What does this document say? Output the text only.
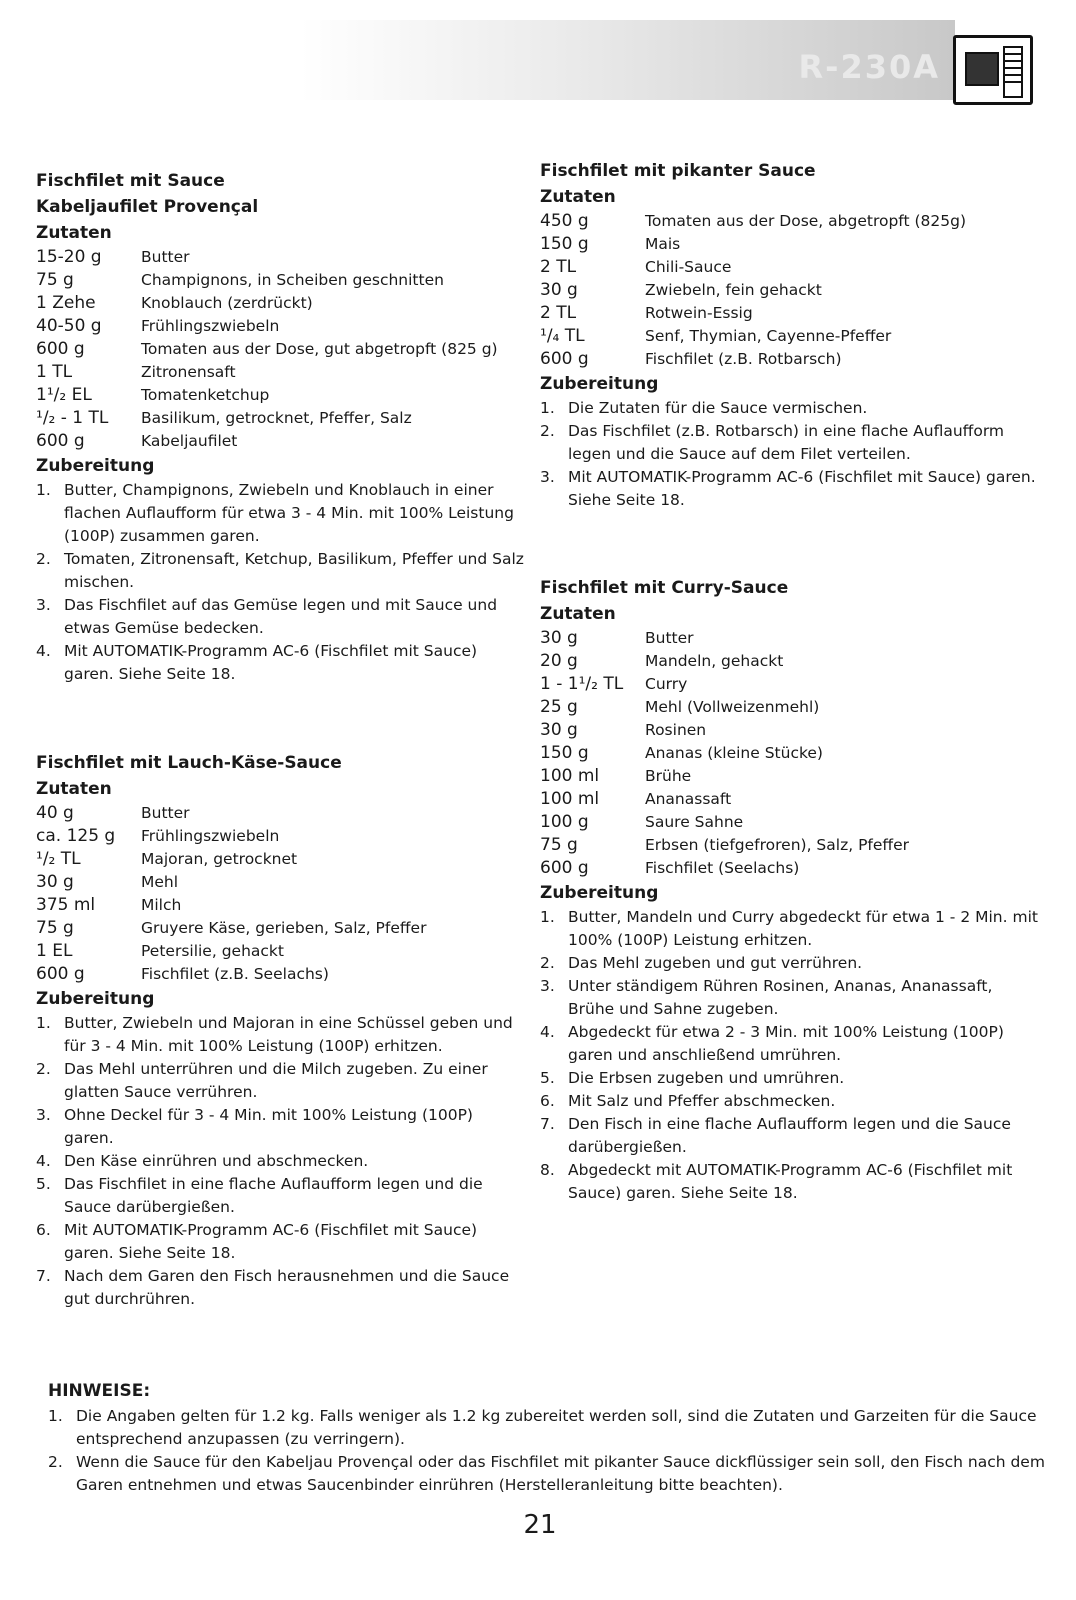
R-230A
Fischfilet mit Sauce
Kabeljaufilet Provençal
Zutaten
15-20 g	Butter
75 g	Champignons, in Scheiben geschnitten
1 Zehe	Knoblauch (zerdrückt)
40-50 g	Frühlingszwiebeln
600 g	Tomaten aus der Dose, gut abgetropft (825 g)
1 TL	Zitronensaft
1¹/₂ EL	Tomatenketchup
¹/₂ - 1 TL	Basilikum, getrocknet, Pfeffer, Salz
600 g	Kabeljaufilet
Zubereitung
1. Butter, Champignons, Zwiebeln und Knoblauch in einer flachen Auflaufform für etwa 3 - 4 Min. mit 100% Leistung (100P) zusammen garen.
2. Tomaten, Zitronensaft, Ketchup, Basilikum, Pfeffer und Salz mischen.
3. Das Fischfilet auf das Gemüse legen und mit Sauce und etwas Gemüse bedecken.
4. Mit AUTOMATIK-Programm AC-6 (Fischfilet mit Sauce) garen. Siehe Seite 18.
Fischfilet mit Lauch-Käse-Sauce
Zutaten
40 g	Butter
ca. 125 g	Frühlingszwiebeln
¹/₂ TL	Majoran, getrocknet
30 g	Mehl
375 ml	Milch
75 g	Gruyere Käse, gerieben, Salz, Pfeffer
1 EL	Petersilie, gehackt
600 g	Fischfilet (z.B. Seelachs)
Zubereitung
1. Butter, Zwiebeln und Majoran in eine Schüssel geben und für 3 - 4 Min. mit 100% Leistung (100P) erhitzen.
2. Das Mehl unterrühren und die Milch zugeben. Zu einer glatten Sauce verrühren.
3. Ohne Deckel für 3 - 4 Min. mit 100% Leistung (100P) garen.
4. Den Käse einrühren und abschmecken.
5. Das Fischfilet in eine flache Auflaufform legen und die Sauce darübergießen.
6. Mit AUTOMATIK-Programm AC-6 (Fischfilet mit Sauce) garen. Siehe Seite 18.
7. Nach dem Garen den Fisch herausnehmen und die Sauce gut durchrühren.
Fischfilet mit pikanter Sauce
Zutaten
450 g	Tomaten aus der Dose, abgetropft (825g)
150 g	Mais
2 TL	Chili-Sauce
30 g	Zwiebeln, fein gehackt
2 TL	Rotwein-Essig
¹/₄ TL	Senf, Thymian, Cayenne-Pfeffer
600 g	Fischfilet (z.B. Rotbarsch)
Zubereitung
1. Die Zutaten für die Sauce vermischen.
2. Das Fischfilet (z.B. Rotbarsch) in eine flache Auflaufform legen und die Sauce auf dem Filet verteilen.
3. Mit AUTOMATIK-Programm AC-6 (Fischfilet mit Sauce) garen. Siehe Seite 18.
Fischfilet mit Curry-Sauce
Zutaten
30 g	Butter
20 g	Mandeln, gehackt
1 - 1¹/₂ TL	Curry
25 g	Mehl (Vollweizenmehl)
30 g	Rosinen
150 g	Ananas (kleine Stücke)
100 ml	Brühe
100 ml	Ananassaft
100 g	Saure Sahne
75 g	Erbsen (tiefgefroren), Salz, Pfeffer
600 g	Fischfilet (Seelachs)
Zubereitung
1. Butter, Mandeln und Curry abgedeckt für etwa 1 - 2 Min. mit 100% (100P) Leistung erhitzen.
2. Das Mehl zugeben und gut verrühren.
3. Unter ständigem Rühren Rosinen, Ananas, Ananassaft, Brühe und Sahne zugeben.
4. Abgedeckt für etwa 2 - 3 Min. mit 100% Leistung (100P) garen und anschließend umrühren.
5. Die Erbsen zugeben und umrühren.
6. Mit Salz und Pfeffer abschmecken.
7. Den Fisch in eine flache Auflaufform legen und die Sauce darübergießen.
8. Abgedeckt mit AUTOMATIK-Programm AC-6 (Fischfilet mit Sauce) garen. Siehe Seite 18.
HINWEISE:
1. Die Angaben gelten für 1.2 kg. Falls weniger als 1.2 kg zubereitet werden soll, sind die Zutaten und Garzeiten für die Sauce entsprechend anzupassen (zu verringern).
2. Wenn die Sauce für den Kabeljau Provençal oder das Fischfilet mit pikanter Sauce dickflüssiger sein soll, den Fisch nach dem Garen entnehmen und etwas Saucenbinder einrühren (Herstelleranleitung bitte beachten).
21
